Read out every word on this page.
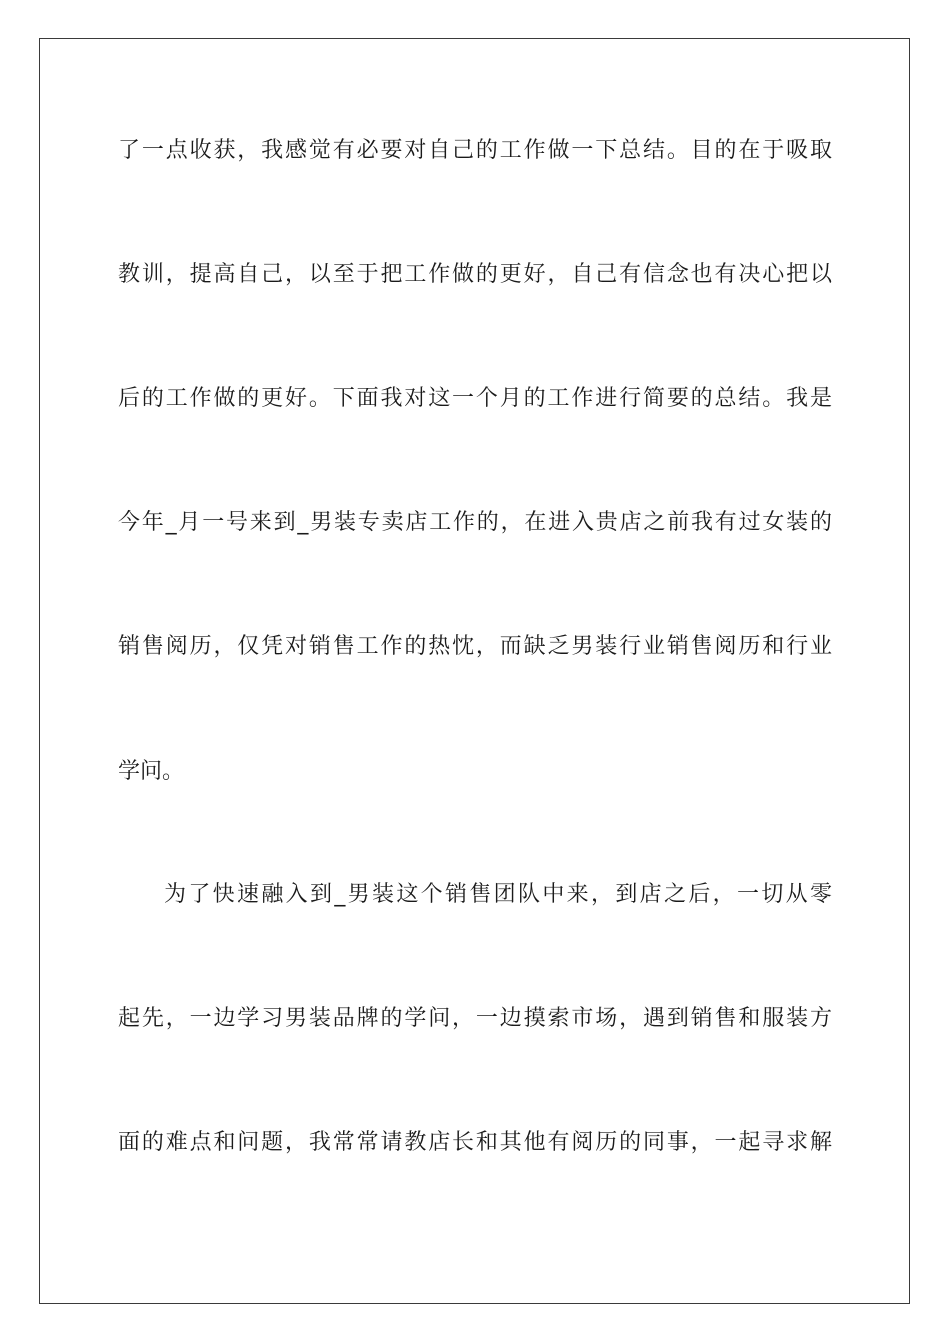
了一点收获，我感觉有必要对自己的工作做一下总结。目的在于吸取
教训，提高自己，以至于把工作做的更好，自己有信念也有决心把以
后的工作做的更好。下面我对这一个月的工作进行简要的总结。我是
今年_月一号来到_男装专卖店工作的，在进入贵店之前我有过女装的
销售阅历，仅凭对销售工作的热忱，而缺乏男装行业销售阅历和行业
学问。
为了快速融入到_男装这个销售团队中来，到店之后，一切从零
起先，一边学习男装品牌的学问，一边摸索市场，遇到销售和服装方
面的难点和问题，我常常请教店长和其他有阅历的同事，一起寻求解
